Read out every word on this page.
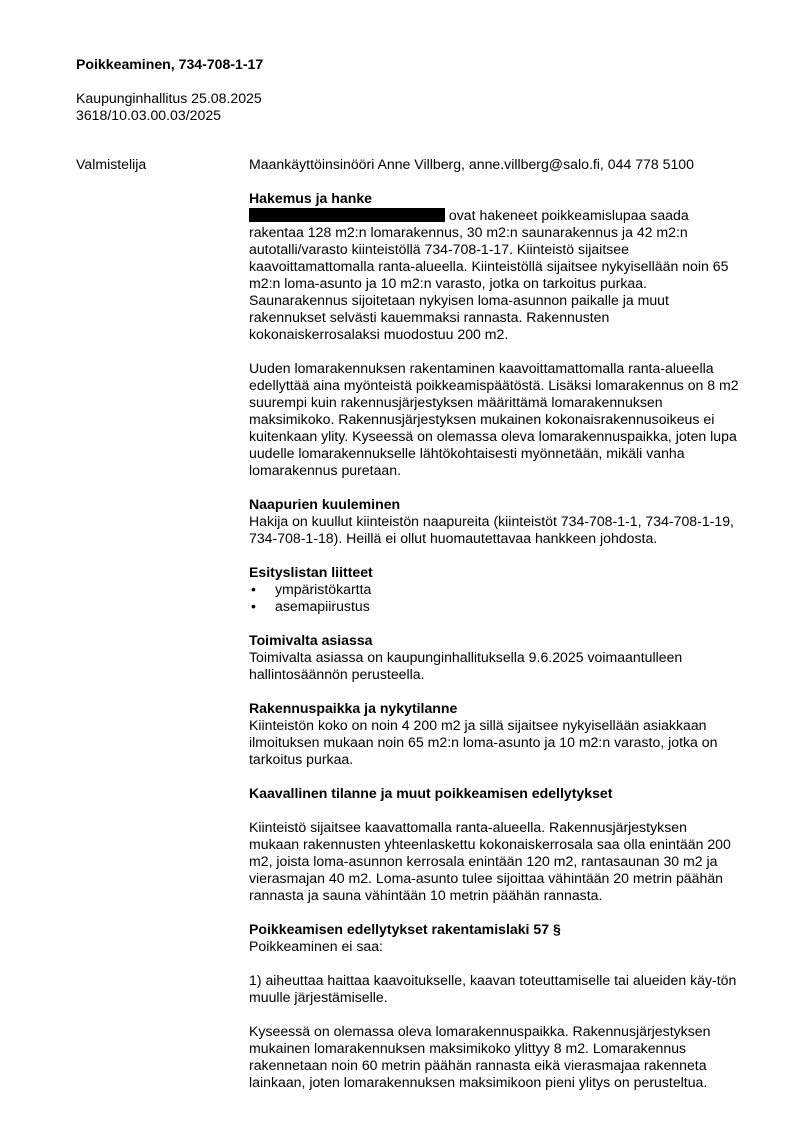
Poikkeaminen, 734-708-1-17
Kaupunginhallitus 25.08.2025
3618/10.03.00.03/2025
Valmistelija	Maankäyttöinsinööri Anne Villberg, anne.villberg@salo.fi, 044 778 5100

Hakemus ja hanke

ovat hakeneet poikkeamislupaa saada rakentaa 128 m2:n lomarakennus, 30 m2:n saunarakennus ja 42 m2:n autotalli/varasto kiinteistöllä 734-708-1-17. Kiinteistö sijaitsee kaavoittamattomalla ranta-alueella. Kiinteistöllä sijaitsee nykyisellään noin 65 m2:n loma-asunto ja 10 m2:n varasto, jotka on tarkoitus purkaa. Saunarakennus sijoitetaan nykyisen loma-asunnon paikalle ja muut rakennukset selvästi kauemmaksi rannasta. Rakennusten kokonaiskerrosalaksi muodostuu 200 m2.

Uuden lomarakennuksen rakentaminen kaavoittamattomalla ranta-alueella edellyttää aina myönteistä poikkeamispäätöstä. Lisäksi lomarakennus on 8 m2 suurempi kuin rakennusjärjestyksen määrittämä lomarakennuksen maksimikoko. Rakennusjärjestyksen mukainen kokonaisrakennusoikeus ei kuitenkaan ylity. Kyseessä on olemassa oleva lomarakennuspaikka, joten lupa uudelle lomarakennukselle lähtökohtaisesti myönnetään, mikäli vanha lomarakennus puretaan.

Naapurien kuuleminen

Hakija on kuullut kiinteistön naapureita (kiinteistöt 734-708-1-1, 734-708-1-19, 734-708-1-18). Heillä ei ollut huomautettavaa hankkeen johdosta.

Esityslistan liitteet
• ympäristökartta
• asemapiirustus
Toimivalta asiassa

Toimivalta asiassa on kaupunginhallituksella 9.6.2025 voimaantulleen hallintosäännön perusteella.

Rakennuspaikka ja nykytilanne

Kiinteistön koko on noin 4 200 m2 ja sillä sijaitsee nykyisellään asiakkaan ilmoituksen mukaan noin 65 m2:n loma-asunto ja 10 m2:n varasto, jotka on tarkoitus purkaa.

Kaavallinen tilanne ja muut poikkeamisen edellytykset

Kiinteistö sijaitsee kaavattomalla ranta-alueella. Rakennusjärjestyksen mukaan rakennusten yhteenlaskettu kokonaiskerrosala saa olla enintään 200 m2, joista loma-asunnon kerrosala enintään 120 m2, rantasaunan 30 m2 ja vierasmajan 40 m2. Loma-asunto tulee sijoittaa vähintään 20 metrin päähän rannasta ja sauna vähintään 10 metrin päähän rannasta.

Poikkeamisen edellytykset rakentamislaki 57 §

Poikkeaminen ei saa:

1) aiheuttaa haittaa kaavoitukselle, kaavan toteuttamiselle tai alueiden käy-tön muulle järjestämiselle.

Kyseessä on olemassa oleva lomarakennuspaikka. Rakennusjärjestyksen mukainen lomarakennuksen maksimikoko ylittyy 8 m2. Lomarakennus rakennetaan noin 60 metrin päähän rannasta eikä vierasmajaa rakenneta lainkaan, joten lomarakennuksen maksimikoon pieni ylitys on perusteltua.
